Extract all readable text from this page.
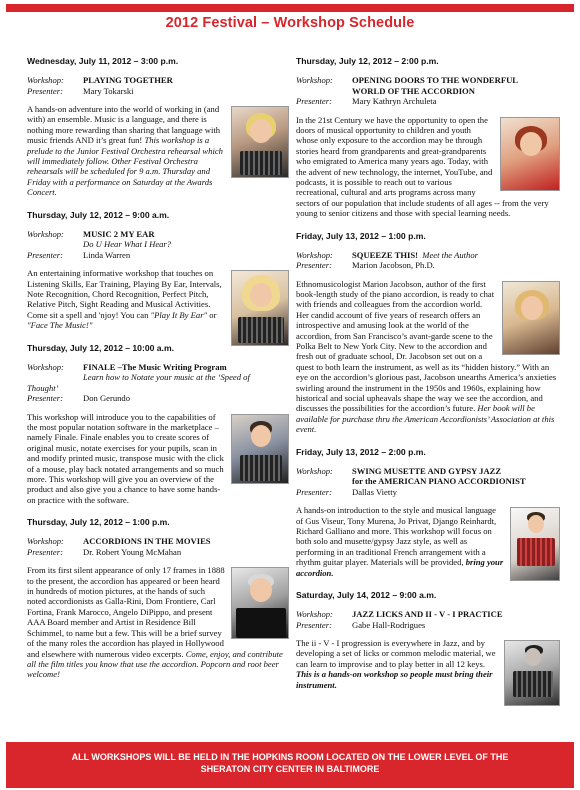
2012 Festival – Workshop Schedule
Wednesday, July 11, 2012 – 3:00 p.m.
Workshop:	PLAYING TOGETHER
Presenter:	Mary Tokarski
A hands-on adventure into the world of working in (and with) an ensemble. Music is a language, and there is nothing more rewarding than sharing that language with music friends AND it’s great fun! This workshop is a prelude to the Junior Festival Orchestra rehearsal which will immediately follow. Other Festival Orchestra rehearsals will be scheduled for 9 a.m. Thursday and Friday with a performance on Saturday at the Awards Concert.
Thursday, July 12, 2012 – 9:00 a.m.
Workshop:	MUSIC 2 MY EAR
Do U Hear What I Hear?
Presenter:	Linda Warren
An entertaining informative workshop that touches on Listening Skills, Ear Training, Playing By Ear, Intervals, Note Recognition, Chord Recognition, Perfect Pitch, Relative Pitch, Sight Reading and Musical Activities. Come sit a spell and 'njoy! You can "Play It By Ear" or "Face The Music!"
Thursday, July 12, 2012 – 10:00 a.m.
Workshop:	FINALE –The Music Writing Program
Learn how to Notate your music at the ‘Speed of
Thought’
Presenter:	Don Gerundo
This workshop will introduce you to the capabilities of the most popular notation software in the marketplace – namely Finale. Finale enables you to create scores of original music, notate exercises for your pupils, scan in and modify printed music, transpose music with the click of a mouse, play back notated arrangements and so much more. This workshop will give you an overview of the product and also give you a chance to have some hands-on practice with the software.
Thursday, July 12, 2012 – 1:00 p.m.
Workshop:	ACCORDIONS IN THE MOVIES
Presenter:	Dr. Robert Young McMahan
From its first silent appearance of only 17 frames in 1888 to the present, the accordion has appeared or been heard in hundreds of motion pictures, at the hands of such noted accordionists as Galla-Rini, Dom Frontiere, Carl Fortina, Frank Marocco, Angelo DiPippo, and present AAA Board member and Artist in Residence Bill Schimmel, to name but a few. This will be a brief survey of the many roles the accordion has played in Hollywood and elsewhere with numerous video excerpts. Come, enjoy, and contribute all the film titles you know that use the accordion. Popcorn and root beer welcome!
Thursday, July 12, 2012 – 2:00 p.m.
Workshop:	OPENING DOORS TO THE WONDERFUL
WORLD OF THE ACCORDION
Presenter:	Mary Kathryn Archuleta
In the 21st Century we have the opportunity to open the doors of musical opportunity to children and youth whose only exposure to the accordion may be through stories heard from grandparents and great-grandparents who emigrated to America many years ago. Today, with the advent of new technology, the internet, YouTube, and podcasts, it is possible to reach out to various recreational, cultural and arts programs across many sectors of our population that include students of all ages -- from the very young to senior citizens and those with special learning needs.
Friday, July 13, 2012 – 1:00 p.m.
Workshop:	SQUEEZE THIS! Meet the Author
Presenter:	Marion Jacobson, Ph.D.
Ethnomusicologist Marion Jacobson, author of the first book-length study of the piano accordion, is ready to chat with friends and colleagues from the accordion world. Her candid account of five years of research offers an introspective and amusing look at the world of the accordion, from San Francisco’s avant-garde scene to the Polka Belt to New York City. New to the accordion and fresh out of graduate school, Dr. Jacobson set out on a quest to both learn the instrument, as well as its “hidden history.” With an eye on the accordion’s glorious past, Jacobson unearths America’s anxieties swirling around the instrument in the 1950s and 1960s, explaining how historical and social upheavals shape the way we see the accordion, and discusses the possibilities for the accordion’s future. Her book will be available for purchase thru the American Accordionists’ Association at this event.
Friday, July 13, 2012 – 2:00 p.m.
Workshop:	SWING MUSETTE AND GYPSY JAZZ
for the AMERICAN PIANO ACCORDIONIST
Presenter:	Dallas Vietty
A hands-on introduction to the style and musical language of Gus Viseur, Tony Murena, Jo Privat, Django Reinhardt, Richard Galliano and more. This workshop will focus on both solo and musette/gypsy Jazz style, as well as performing in an traditional French arrangement with a rhythm guitar player. Materials will be provided, bring your accordion.
Saturday, July 14, 2012 – 9:00 a.m.
Workshop:	JAZZ LICKS AND II - V - I PRACTICE
Presenter:	Gabe Hall-Rodrigues
The ii - V - I progression is everywhere in Jazz, and by developing a set of licks or common melodic material, we can learn to improvise and to play better in all 12 keys. This is a hands-on workshop so people must bring their instrument.
ALL WORKSHOPS WILL BE HELD IN THE HOPKINS ROOM LOCATED ON THE LOWER LEVEL OF THE
SHERATON CITY CENTER IN BALTIMORE
